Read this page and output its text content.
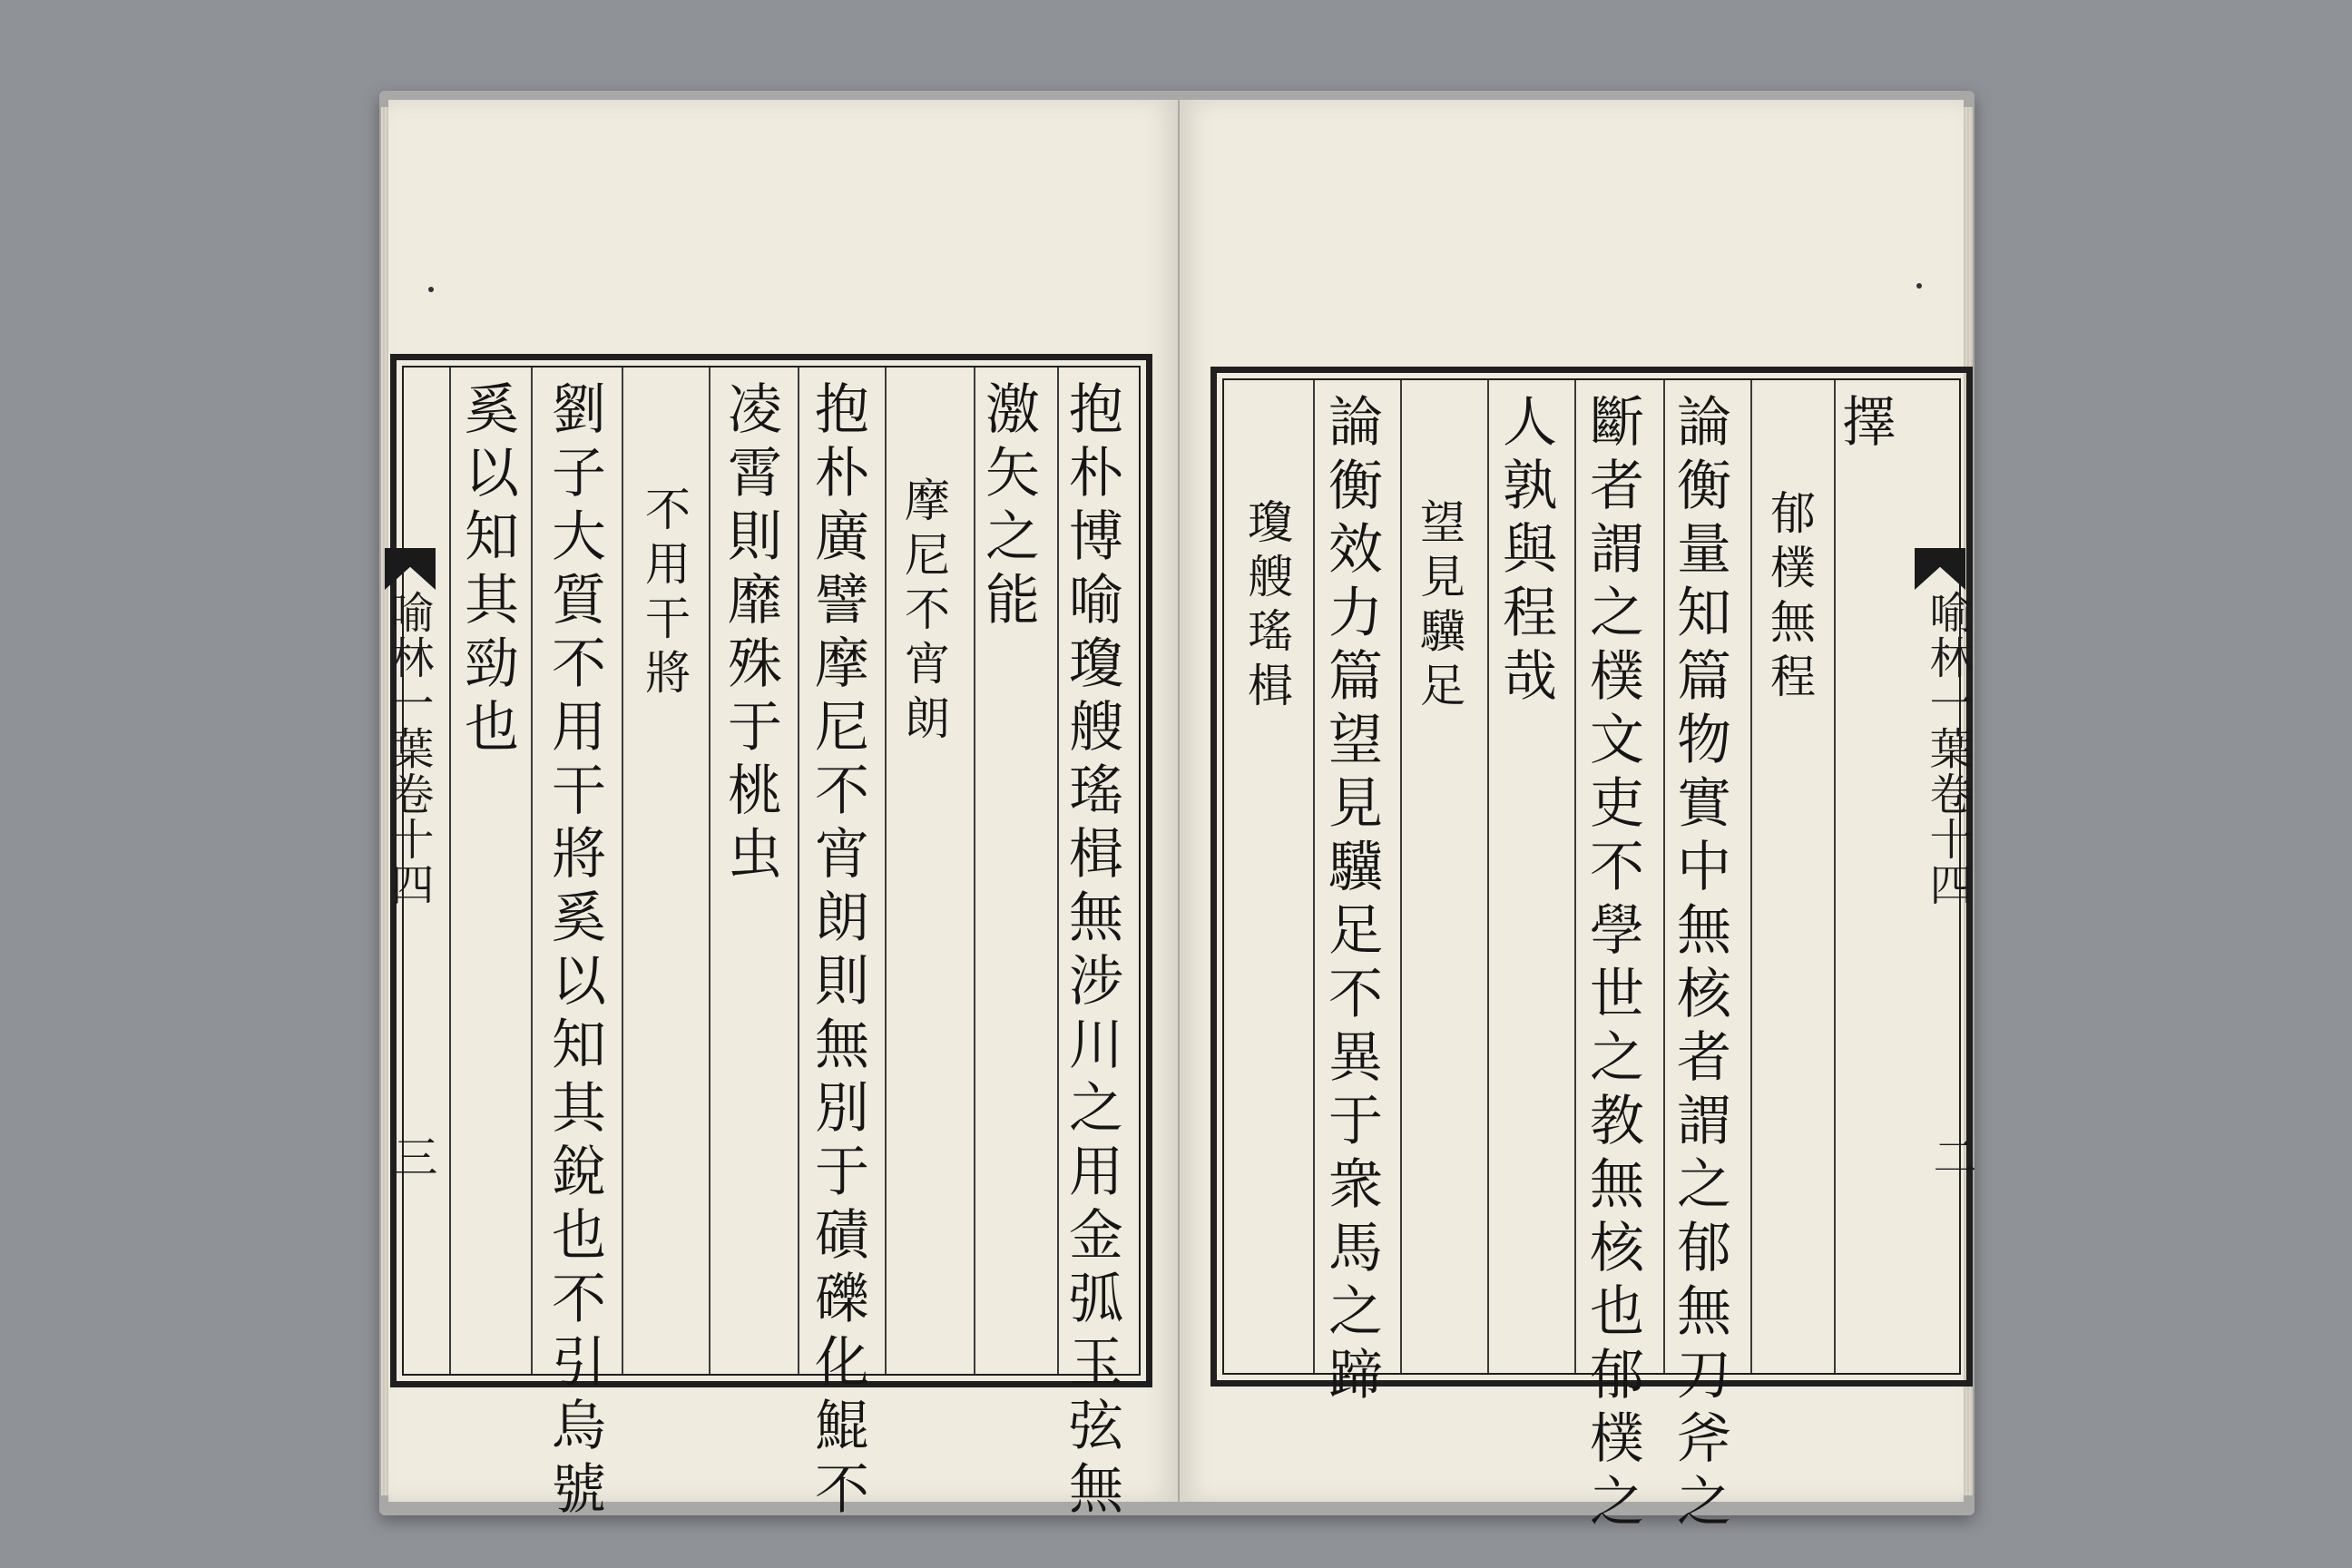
抱朴博喻瓊艘瑤楫無涉川之用金弧玉弦無
激矢之能
摩尼不宵朗
抱朴廣譬摩尼不宵朗則無別于磧礫化鯤不
凌霄則靡殊于桃虫
不用干將
劉子大質不用干將奚以知其銳也不引烏號
奚以知其勁也
喻林一葉卷十四
三
擇
郁樸無程
論衡量知篇物實中無核者謂之郁無刀斧之
斷者謂之樸文吏不學世之教無核也郁樸之
人孰與程哉
望見驥足
論衡效力篇望見驥足不異于衆馬之蹄
瓊艘瑤楫	喻林一葉卷十四
二
